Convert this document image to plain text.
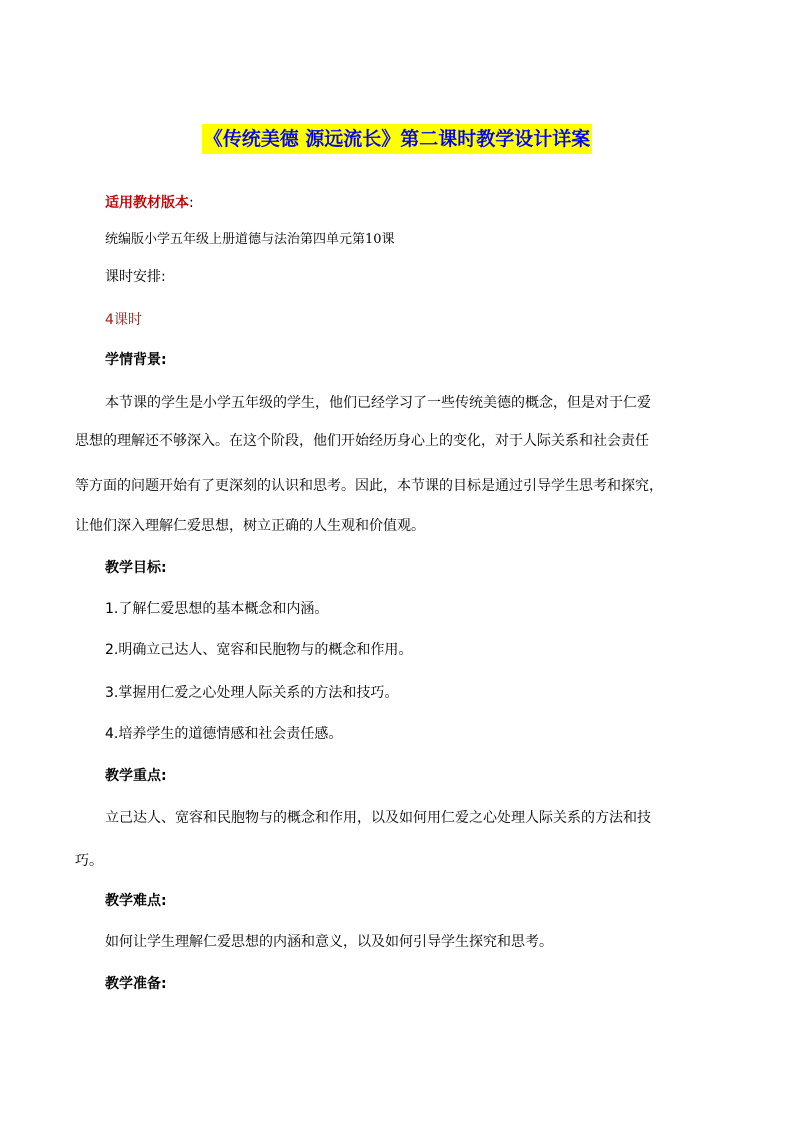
《传统美德 源远流长》第二课时教学设计详案
适用教材版本:
统编版小学五年级上册道德与法治第四单元第10课
课时安排:
4课时
学情背景:
本节课的学生是小学五年级的学生，他们已经学习了一些传统美德的概念，但是对于仁爱
思想的理解还不够深入。在这个阶段，他们开始经历身心上的变化，对于人际关系和社会责任
等方面的问题开始有了更深刻的认识和思考。因此，本节课的目标是通过引导学生思考和探究，
让他们深入理解仁爱思想，树立正确的人生观和价值观。
教学目标:
1.了解仁爱思想的基本概念和内涵。
2.明确立己达人、宽容和民胞物与的概念和作用。
3.掌握用仁爱之心处理人际关系的方法和技巧。
4.培养学生的道德情感和社会责任感。
教学重点:
立己达人、宽容和民胞物与的概念和作用，以及如何用仁爱之心处理人际关系的方法和技
巧。
教学难点:
如何让学生理解仁爱思想的内涵和意义，以及如何引导学生探究和思考。
教学准备:
